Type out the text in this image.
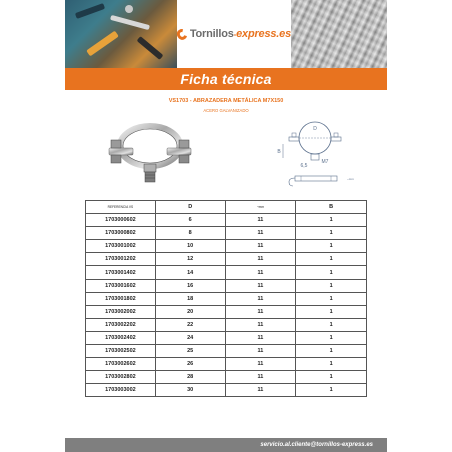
Tornillos-express.es
Ficha técnica
VS1703 - ABRAZADERA METÁLICA M7X150
ACERO GALVANIZADO
D
B
6,5
M7
~mm
REFERENCIA VS	D	~mm	B
1703000602	6	11	1
1703000802	8	11	1
1703001002	10	11	1
1703001202	12	11	1
1703001402	14	11	1
1703001602	16	11	1
1703001802	18	11	1
1703002002	20	11	1
1703002202	22	11	1
1703002402	24	11	1
1703002502	25	11	1
1703002602	26	11	1
1703002802	28	11	1
1703003002	30	11	1
servicio.al.cliente@tornillos-express.es
